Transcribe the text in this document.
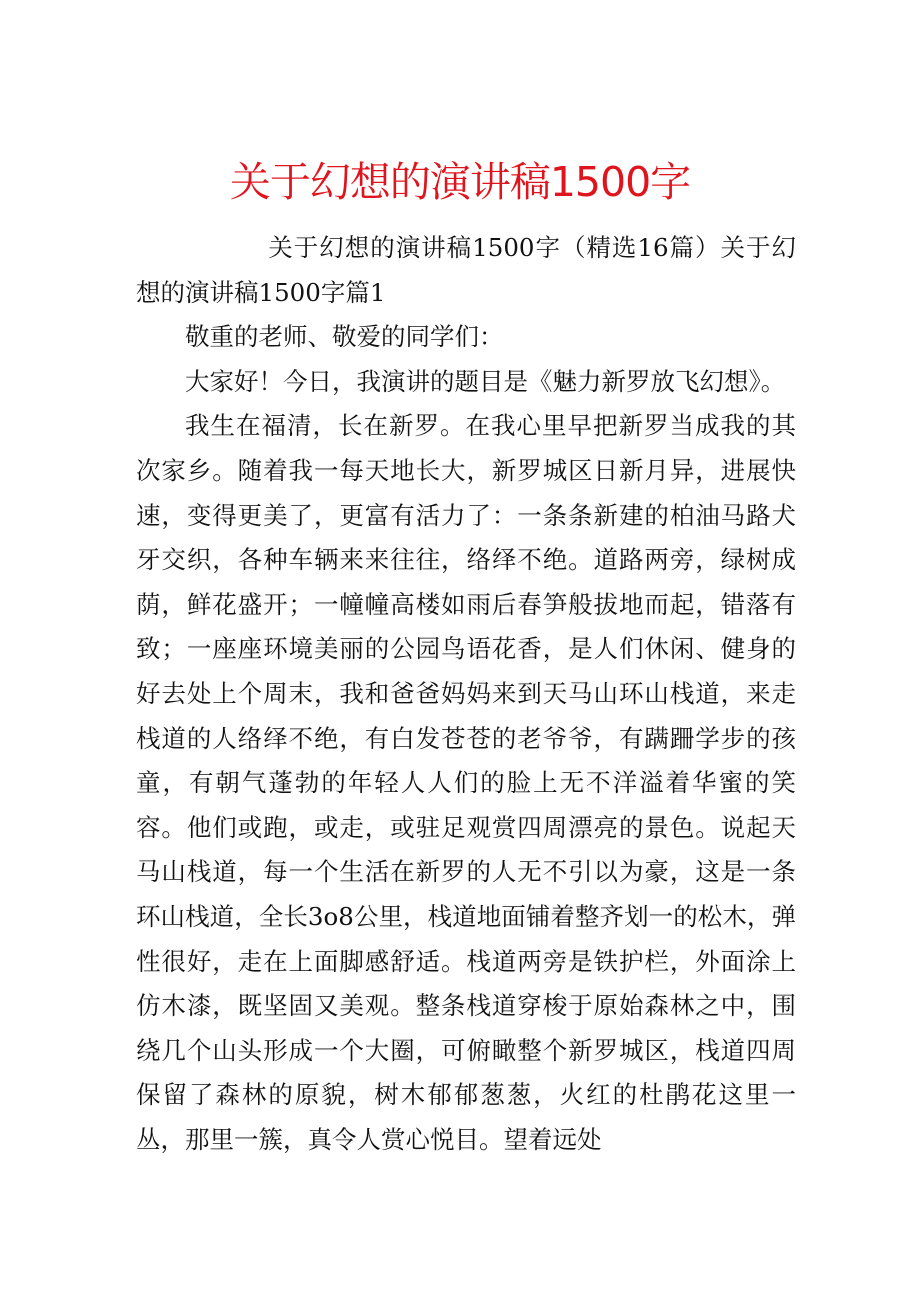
关于幻想的演讲稿1500字

关于幻想的演讲稿1500字（精选16篇）关于幻想的演讲稿1500字篇1

敬重的老师、敬爱的同学们：

大家好！今日，我演讲的题目是《魅力新罗放飞幻想》。

我生在福清，长在新罗。在我心里早把新罗当成我的其次家乡。随着我一每天地长大，新罗城区日新月异，进展快速，变得更美了，更富有活力了：一条条新建的柏油马路犬牙交织，各种车辆来来往往，络绎不绝。道路两旁，绿树成荫，鲜花盛开；一幢幢高楼如雨后春笋般拔地而起，错落有致；一座座环境美丽的公园鸟语花香，是人们休闲、健身的好去处上个周末，我和爸爸妈妈来到天马山环山栈道，来走栈道的人络绎不绝，有白发苍苍的老爷爷，有蹒跚学步的孩童，有朝气蓬勃的年轻人人们的脸上无不洋溢着华蜜的笑容。他们或跑，或走，或驻足观赏四周漂亮的景色。说起天马山栈道，每一个生活在新罗的人无不引以为豪，这是一条环山栈道，全长3o8公里，栈道地面铺着整齐划一的松木，弹性很好，走在上面脚感舒适。栈道两旁是铁护栏，外面涂上仿木漆，既坚固又美观。整条栈道穿梭于原始森林之中，围绕几个山头形成一个大圈，可俯瞰整个新罗城区，栈道四周保留了森林的原貌，树木郁郁葱葱，火红的杜鹃花这里一丛，那里一簇，真令人赏心悦目。望着远处
